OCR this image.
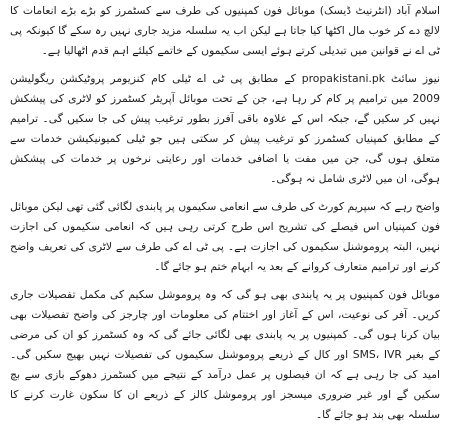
اسلام آباد (انٹرنیٹ ڈیسک) موبائل فون کمپنیوں کی طرف سے کسٹمرز کو بڑے بڑے انعامات کا لالچ دے کر خوب مال اکٹھا کیا جاتا ہے لیکن اب یہ سلسلہ مزید جاری نہیں رہ سکے گا کیونکہ پی ٹی اے نے قوانین میں تبدیلی کرتے ہوئے ایسی سکیموں کے خاتمے کیلئے اہم قدم اٹھالیا ہے۔

نیوز سائٹ propakistani.pk کے مطابق پی ٹی اے ٹیلی کام کنزیومر پروٹیکشن ریگولیشن 2009 میں ترامیم پر کام کر رہا ہے، جن کے تحت موبائل آپریٹر کسٹمرز کو لاٹری کی پیشکش نہیں کر سکیں گے، جبکہ اس کے علاوہ باقی آفرز بطور ترغیب پیش کی جا سکیں گی۔ ترامیم کے مطابق کمپنیاں کسٹمرز کو ترغیب پیش کر سکتی ہیں جو ٹیلی کمیونیکیشن خدمات سے متعلق ہوں گی، جن میں مفت یا اضافی خدمات اور رعایتی نرخوں پر خدمات کی پیشکش ہوگی، ان میں لاٹری شامل نہ ہوگی۔

واضح رہے کہ سپریم کورٹ کی طرف سے انعامی سکیموں پر پابندی لگائی گئی تھی لیکن موبائل فون کمپنیاں اس فیصلے کی تشریح اس طرح کرتی رہی ہیں کہ انعامی سکیموں کی اجازت نہیں، البتہ پروموشنل سکیموں کی اجازت ہے۔ پی ٹی اے کی طرف سے لاٹری کی تعریف واضح کرنے اور ترامیم متعارف کروانے کے بعد یہ ابہام ختم ہو جائے گا۔

موبائل فون کمپنیوں پر یہ پابندی بھی ہو گی کہ وہ پروموشل سکیم کی مکمل تفصیلات جاری کریں۔ آفر کی نوعیت، اس کے آغاز اور اختتام کی معلومات اور چارجز کی واضح تفصیلات بھی بیان کرنا ہوں گی۔ کمپنیوں پر یہ پابندی بھی لگائی جائے گی کہ وہ کسٹمرز کو ان کی مرضی کے بغیر SMS، IVR اور کال کے ذریعے پروموشنل سکیموں کی تفصیلات نہیں بھیج سکیں گی۔ امید کی جا رہی ہے کہ ان فیصلوں پر عمل درآمد کے نتیجے میں کسٹمرز دھوکے بازی سے بچ سکیں گے اور غیر ضروری میسجز اور پروموشل کالز کے ذریعے ان کا سکون غارت کرنے کا سلسلہ بھی بند ہو جائے گا۔
